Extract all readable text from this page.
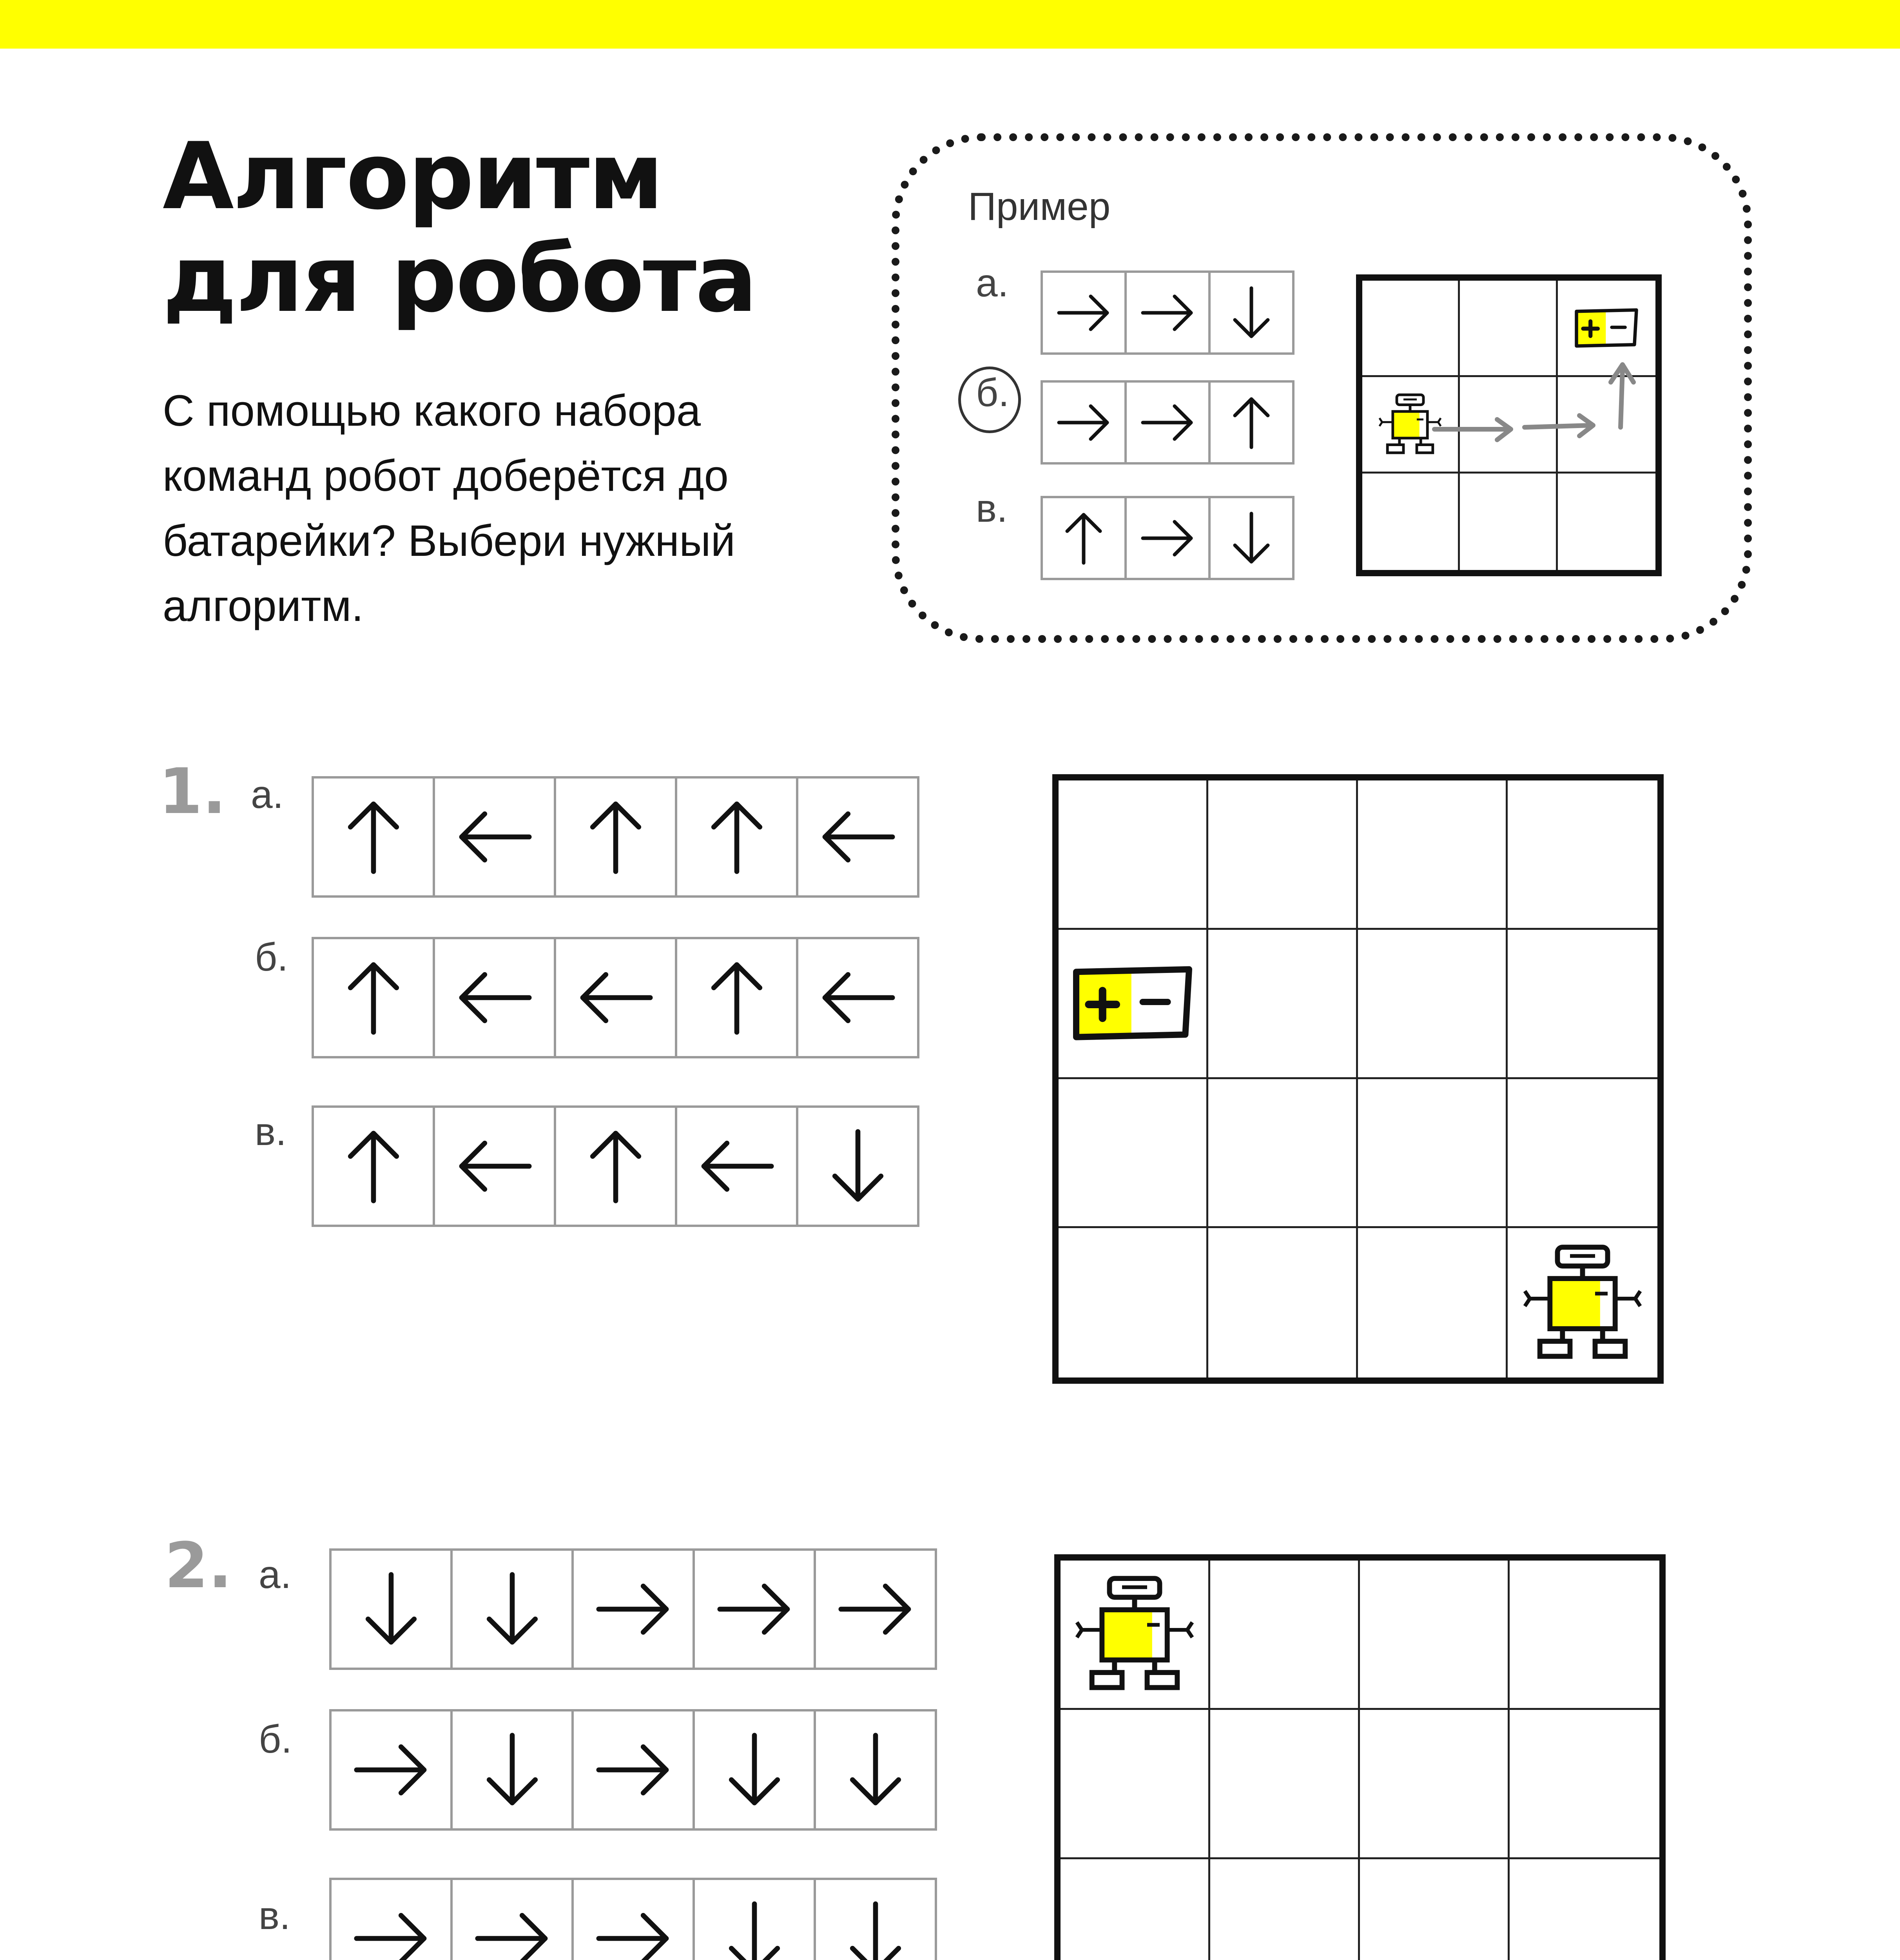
Алгоритм
для робота

С помощью какого набора команд робот доберётся до батарейки? Выбери нужный алгоритм.

Пример
а.
б.
в.
1. а.
б.
в.
2. а.
б.
в.
